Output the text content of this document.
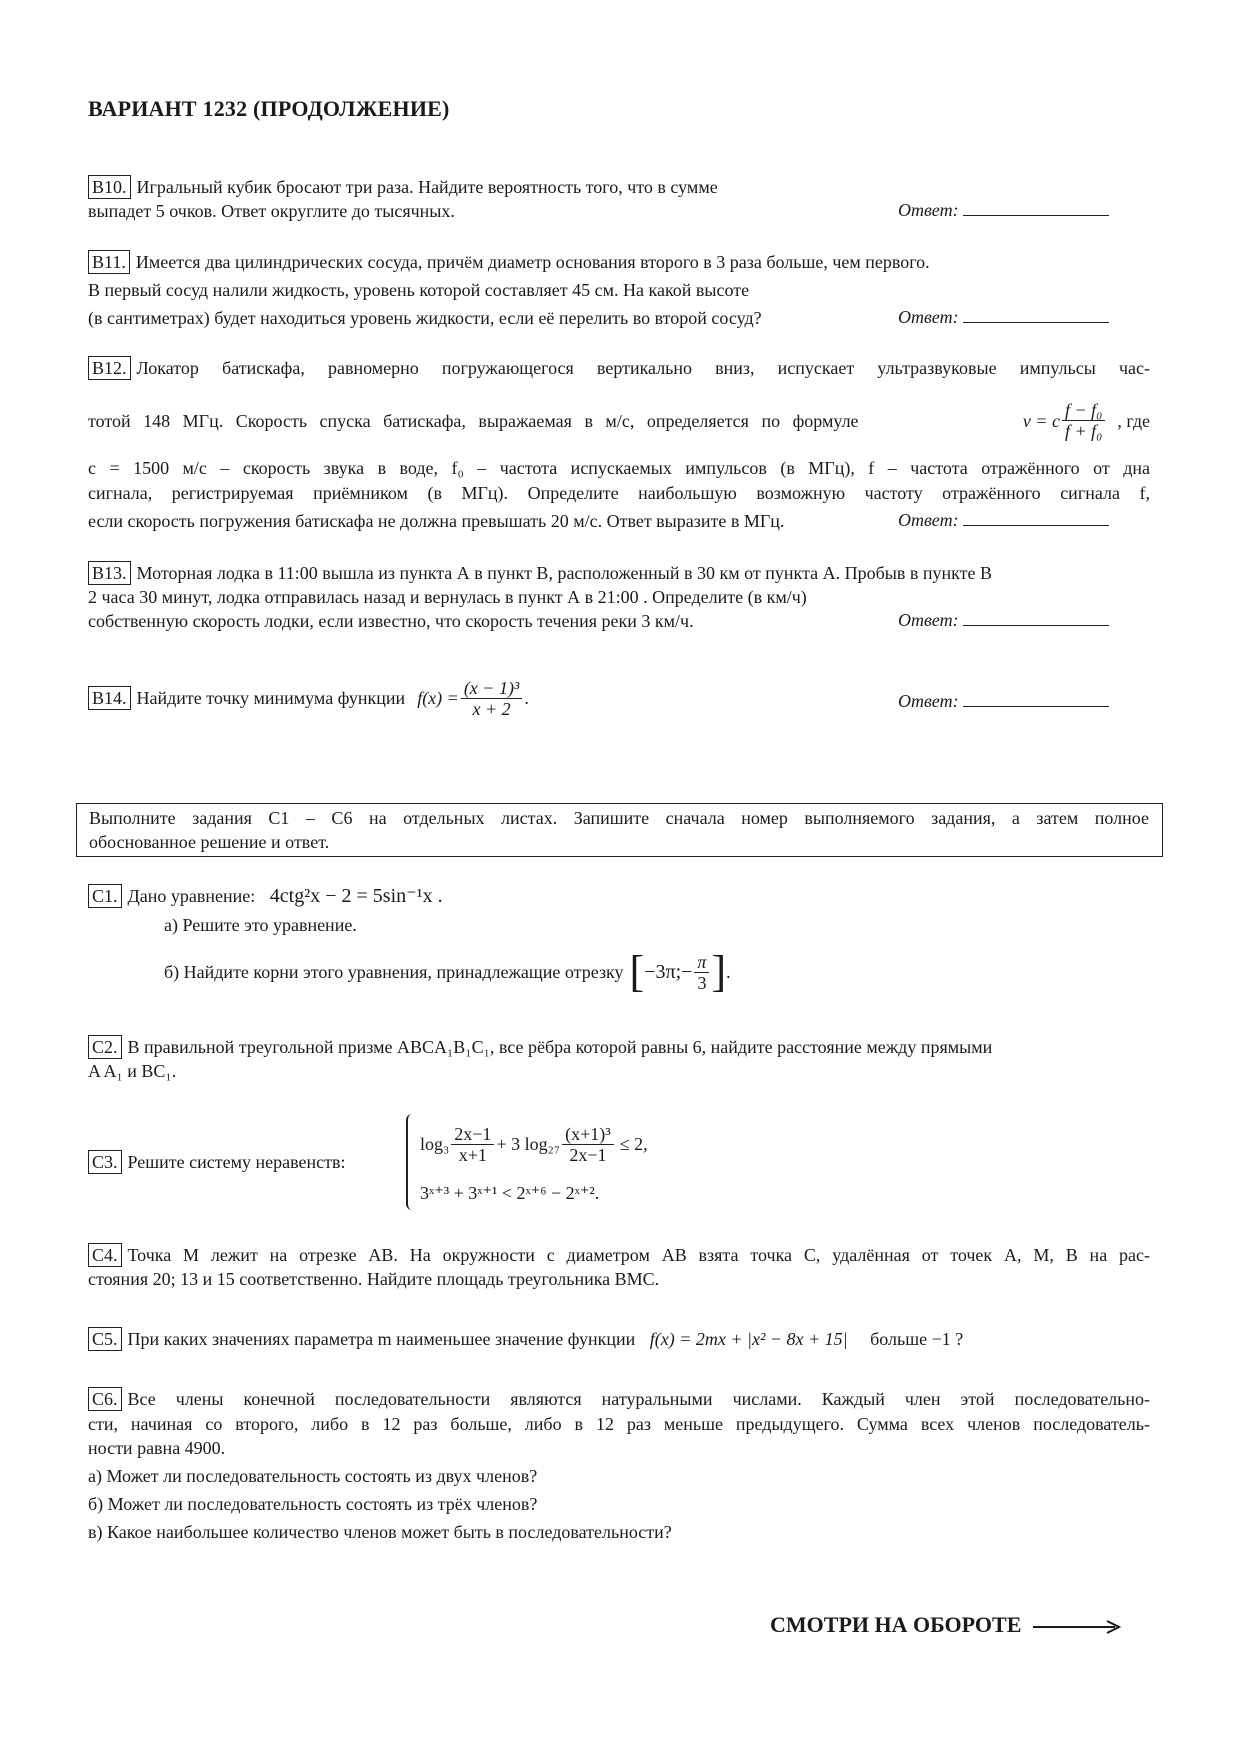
ВАРИАНТ 1232 (ПРОДОЛЖЕНИЕ)
B10. Игральный кубик бросают три раза. Найдите вероятность того, что в сумме
выпадет 5 очков. Ответ округлите до тысячных.	Ответ:
B11. Имеется два цилиндрических сосуда, причём диаметр основания второго в 3 раза больше, чем первого.
В первый сосуд налили жидкость, уровень которой составляет 45 см. На какой высоте
(в сантиметрах) будет находиться уровень жидкости, если её перелить во второй сосуд?	Ответ:
B12. Локатор батискафа, равномерно погружающегося вертикально вниз, испускает ультразвуковые импульсы час-
тотой 148 МГц. Скорость спуска батискафа, выражаемая в м/с, определяется по формуле	v = c $\frac{\text{f − f₀}}{\text{f + f₀}}$ , где
c = 1500 м/с – скорость звука в воде, f₀ – частота испускаемых импульсов (в МГц), f – частота отражённого от дна
сигнала, регистрируемая приёмником (в МГц). Определите наибольшую возможную частоту отражённого сигнала f,
если скорость погружения батискафа не должна превышать 20 м/с. Ответ выразите в МГц.	Ответ:
B13. Моторная лодка в 11:00 вышла из пункта А в пункт В, расположенный в 30 км от пункта А. Пробыв в пункте В
2 часа 30 минут, лодка отправилась назад и вернулась в пункт А в 21:00 . Определите (в км/ч)
собственную скорость лодки, если известно, что скорость течения реки 3 км/ч.	Ответ:
B14. Найдите точку минимума функции $f(x) = \frac{\text{(x − 1)³}}{x + 2}$ .	Ответ:
Выполните задания С1 – С6 на отдельных листах. Запишите сначала номер выполняемого задания, а затем полное
обоснованное решение и ответ.
С1. Дано уравнение: 4ctg²x − 2 = 5sin⁻¹x .
а) Решите это уравнение.
б) Найдите корни этого уравнения, принадлежащие отрезку [ −3π;− $\frac{\pi}{3}$ ] .
С2. В правильной треугольной призме ABCA₁B₁C₁, все рёбра которой равны 6, найдите расстояние между прямыми
A A₁ и BC₁.
С3. Решите систему неравенств:
$\log_3 \frac{2x-1}{x+1} + 3$ $\log_{27} \frac{\text{(x+1)³}}{2x-1} \le 2$,
3ˣ⁺³ + 3ˣ⁺¹ < 2ˣ⁺⁶ − 2ˣ⁺².
С4. Точка М лежит на отрезке AB. На окружности с диаметром AB взята точка C, удалённая от точек A, M, B на рас-
стояния 20; 13 и 15 соответственно. Найдите площадь треугольника BMC.
С5. При каких значениях параметра m наименьшее значение функции f(x) = 2mx + |x² − 8x + 15| больше −1 ?
С6. Все члены конечной последовательности являются натуральными числами. Каждый член этой последовательно-
сти, начиная со второго, либо в 12 раз больше, либо в 12 раз меньше предыдущего. Сумма всех членов последователь-
ности равна 4900.
а) Может ли последовательность состоять из двух членов?
б) Может ли последовательность состоять из трёх членов?
в) Какое наибольшее количество членов может быть в последовательности?
СМОТРИ НА ОБОРОТЕ
